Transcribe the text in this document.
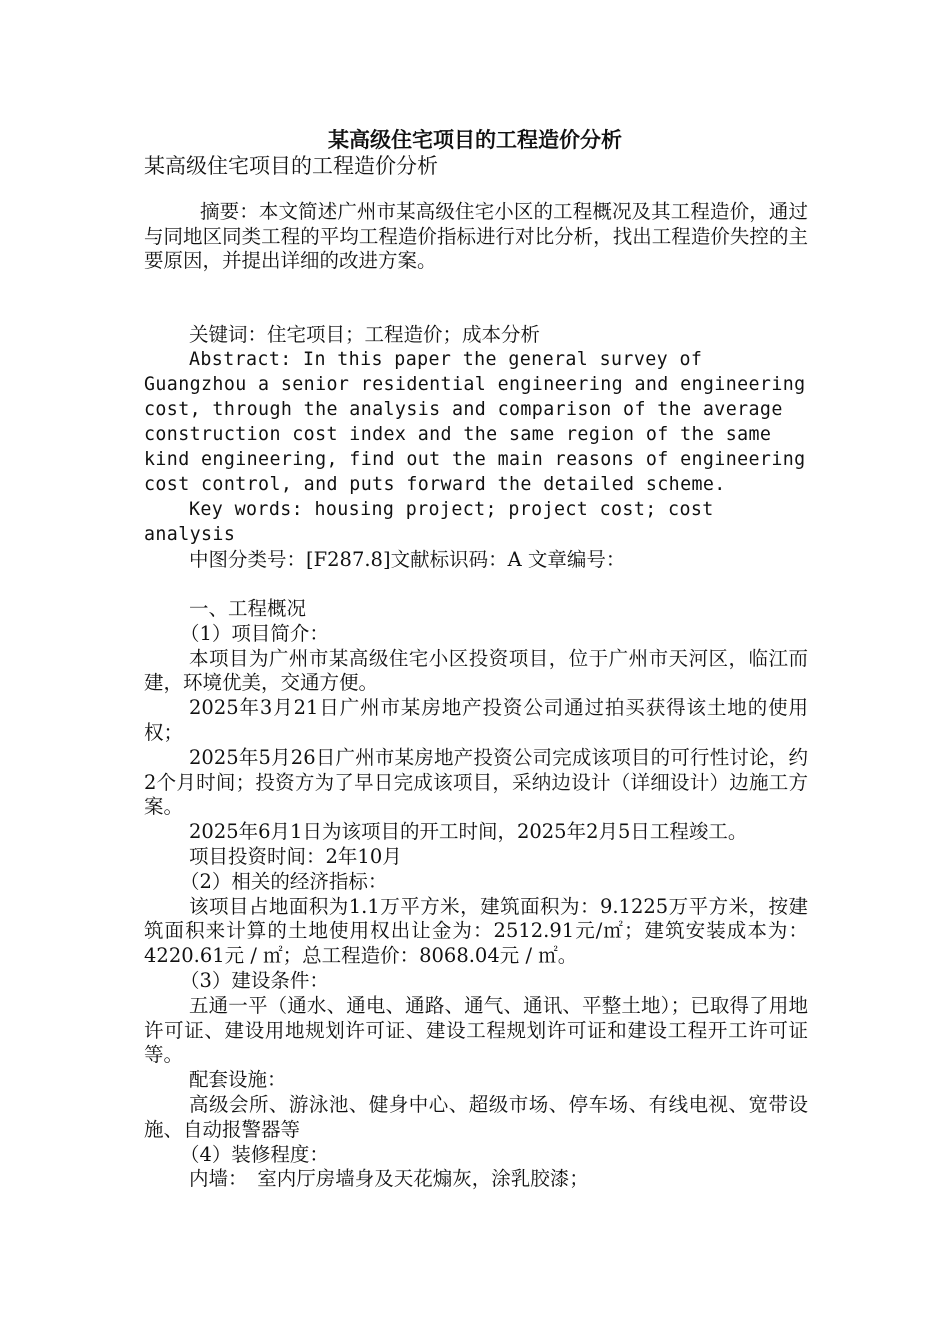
某高级住宅项目的工程造价分析
某高级住宅项目的工程造价分析
摘要：本文简述广州市某高级住宅小区的工程概况及其工程造价，通过与同地区同类工程的平均工程造价指标进行对比分析，找出工程造价失控的主要原因，并提出详细的改进方案。
关键词：住宅项目；工程造价；成本分析
Abstract: In this paper the general survey of Guangzhou a senior residential engineering and engineering cost, through the analysis and comparison of the average construction cost index and the same region of the same kind engineering, find out the main reasons of engineering cost control, and puts forward the detailed scheme.
Key words: housing project; project cost; cost analysis
中图分类号：[F287.8]文献标识码：A 文章编号：

一、工程概况

（1）项目简介：

本项目为广州市某高级住宅小区投资项目，位于广州市天河区，临江而建，环境优美，交通方便。

2025年3月21日广州市某房地产投资公司通过拍买获得该土地的使用权；

2025年5月26日广州市某房地产投资公司完成该项目的可行性讨论，约2个月时间；投资方为了早日完成该项目，采纳边设计（详细设计）边施工方案。

2025年6月1日为该项目的开工时间，2025年2月5日工程竣工。

项目投资时间：2年10月

（2）相关的经济指标：

该项目占地面积为1.1万平方米，建筑面积为：9.1225万平方米，按建筑面积来计算的土地使用权出让金为：2512.91元/㎡；建筑安装成本为：4220.61元 / ㎡；总工程造价：8068.04元 / ㎡。

（3）建设条件：

五通一平（通水、通电、通路、通气、通讯、平整土地）；已取得了用地许可证、建设用地规划许可证、建设工程规划许可证和建设工程开工许可证等。

配套设施：

高级会所、游泳池、健身中心、超级市场、停车场、有线电视、宽带设施、自动报警器等

（4）装修程度：

内墙：　室内厅房墙身及天花煽灰，涂乳胶漆；
